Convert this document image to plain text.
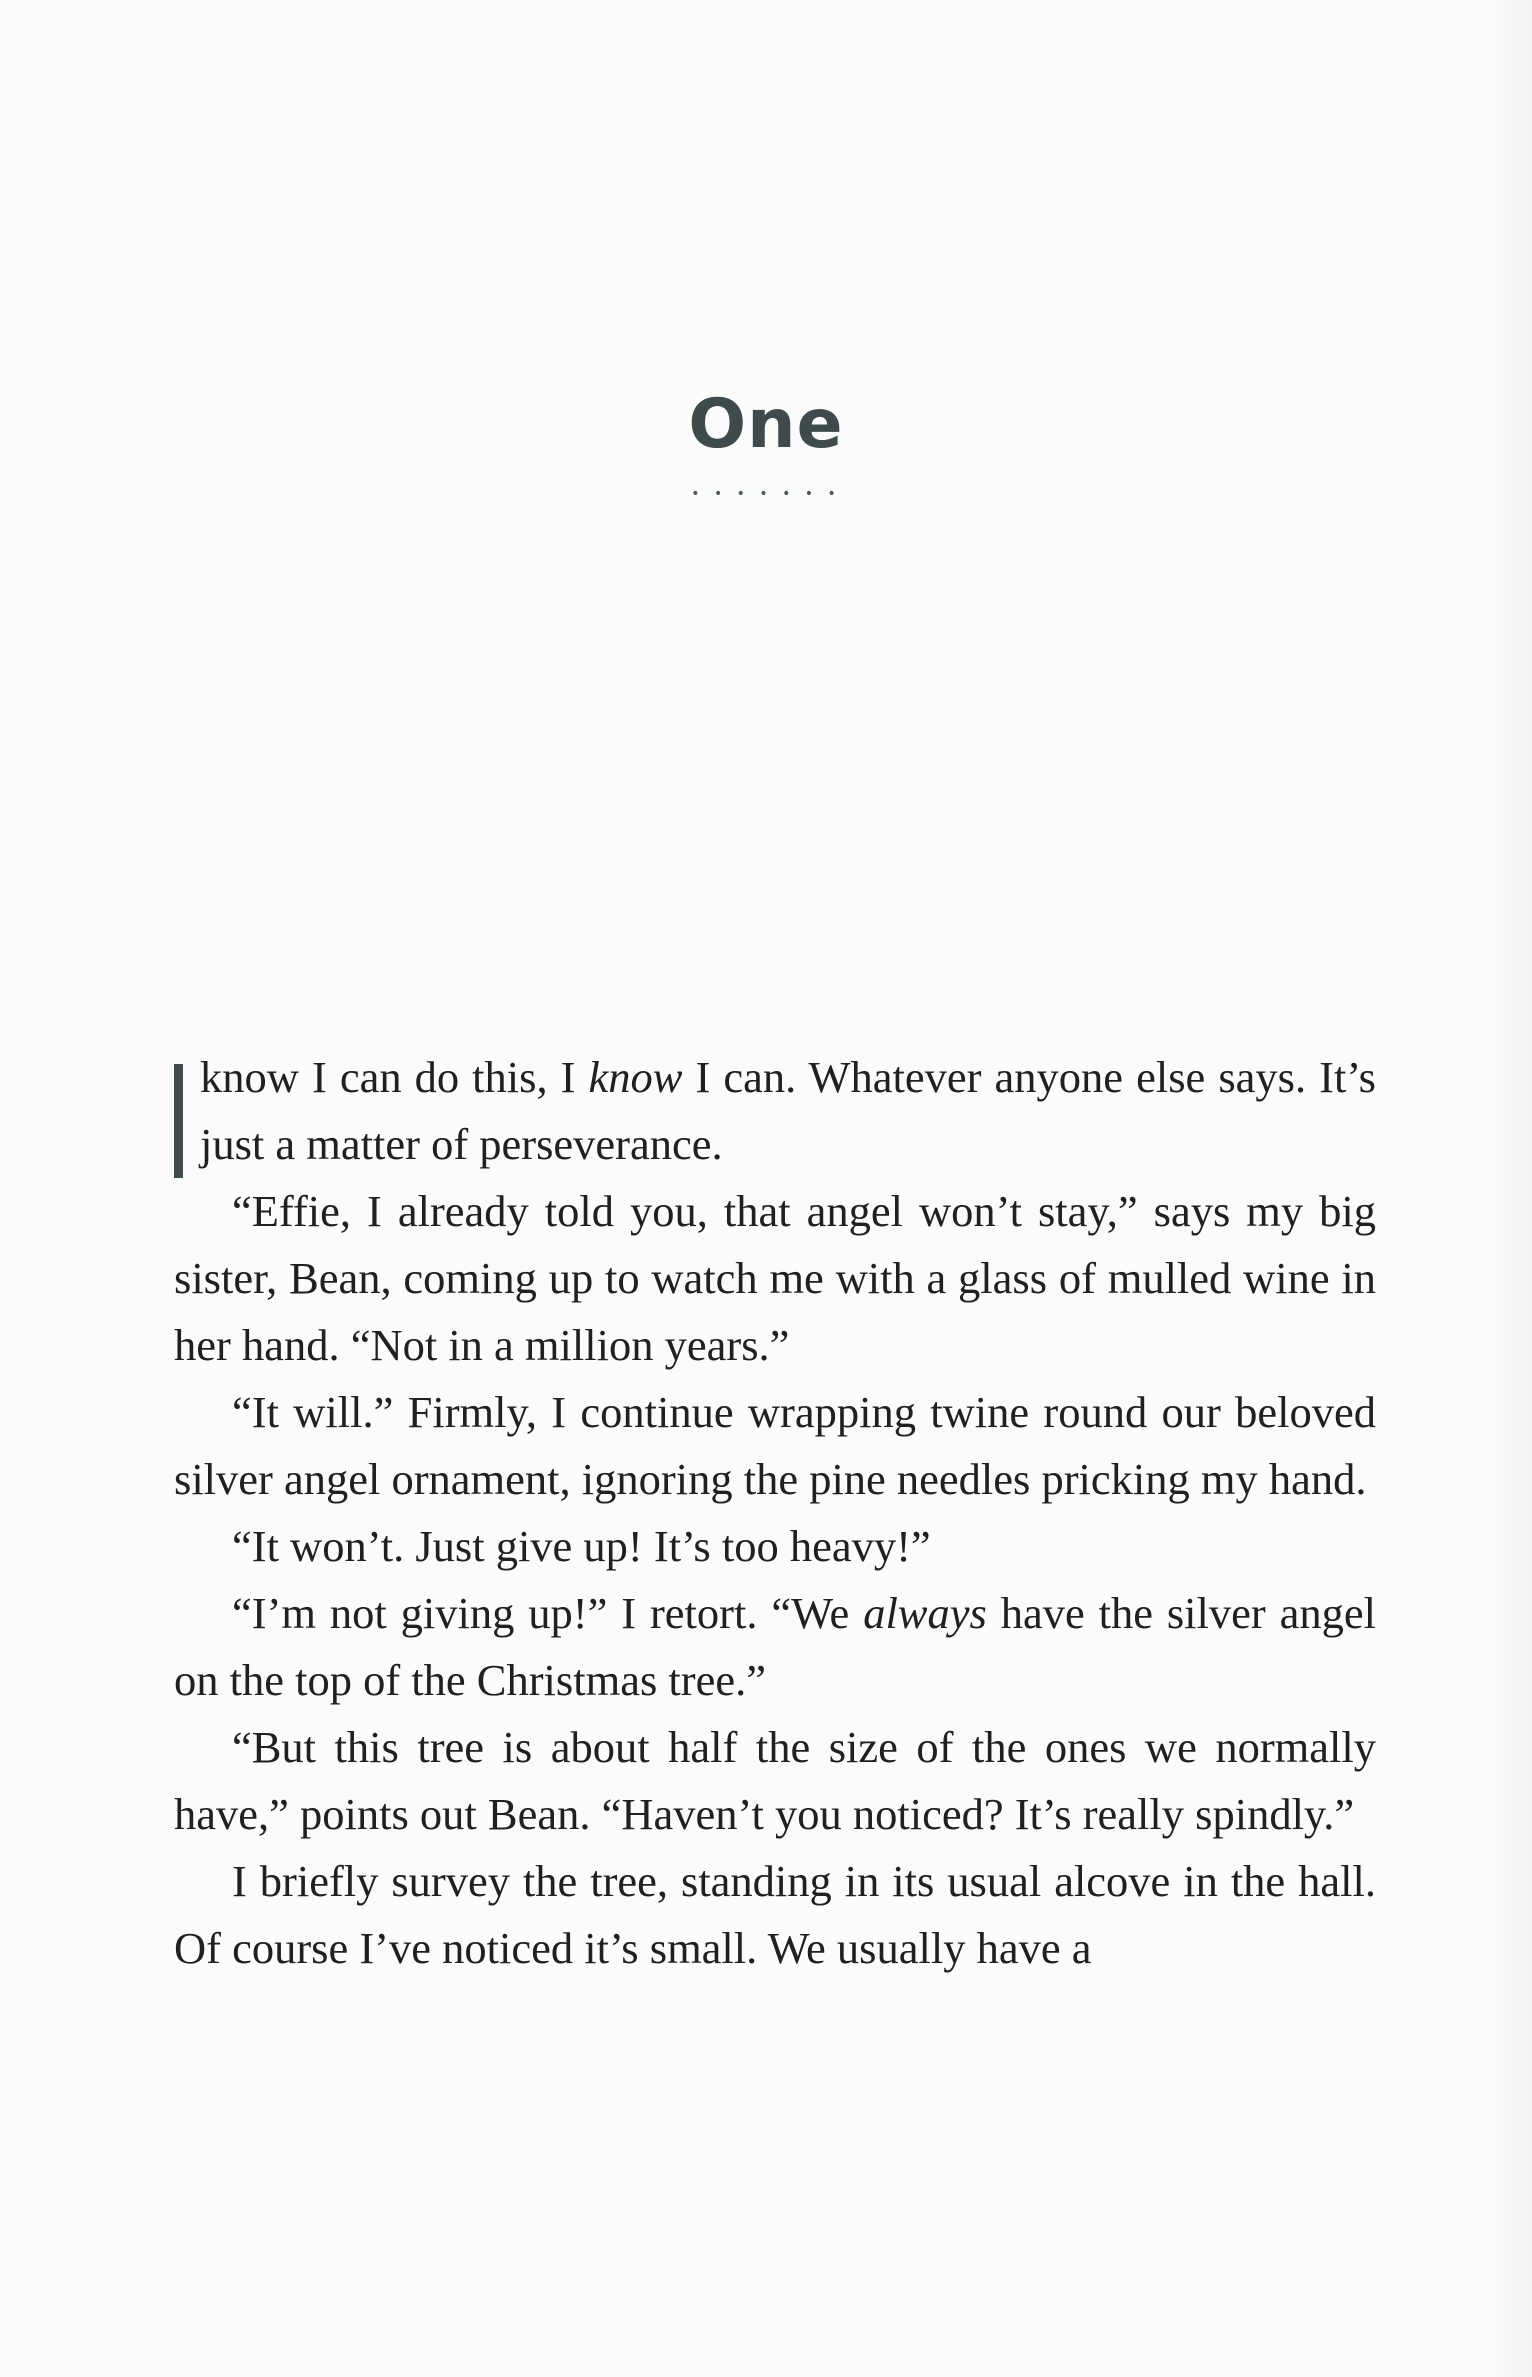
One
• • • • • • •

know I can do this, I know I can. Whatever anyone else says. It’s just a matter of perseverance.

“Effie, I already told you, that angel won’t stay,” says my big sister, Bean, coming up to watch me with a glass of mulled wine in her hand. “Not in a million years.”

“It will.” Firmly, I continue wrapping twine round our beloved silver angel ornament, ignoring the pine needles pricking my hand.

“It won’t. Just give up! It’s too heavy!”

“I’m not giving up!” I retort. “We always have the silver angel on the top of the Christmas tree.”

“But this tree is about half the size of the ones we normally have,” points out Bean. “Haven’t you noticed? It’s really spindly.”

I briefly survey the tree, standing in its usual alcove in the hall. Of course I’ve noticed it’s small. We usually have a
